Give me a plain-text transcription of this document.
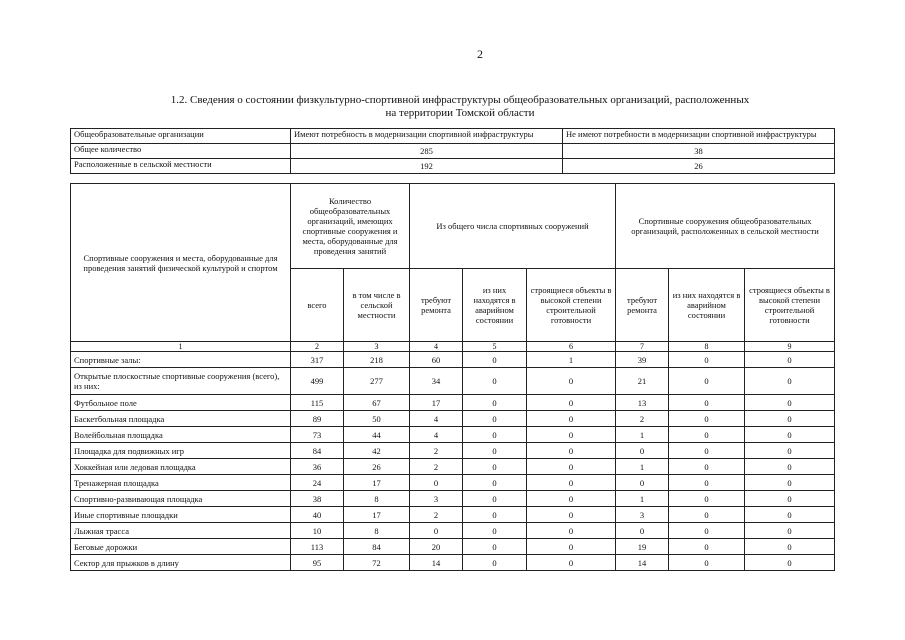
2
1.2. Сведения о состоянии физкультурно-спортивной инфраструктуры общеобразовательных организаций, расположенных
на территории Томской области
Общеобразовательные организации	Имеют потребность в модернизации спортивной инфраструктуры	Не имеют потребности в модернизации спортивной инфраструктуры
Общее количество	285	38
Расположенные в сельской местности	192	26
Спортивные сооружения и места, оборудованные для проведения занятий физической культурой и спортом	Количество общеобразовательных организаций, имеющих спортивные сооружения и места, оборудованные для проведения занятий		Из общего числа спортивных сооружений			Спортивные сооружения общеобразовательных организаций, расположенных в сельской местности		
	всего	в том числе в сельской местности	требуют ремонта	из них находятся в аварийном состоянии	строящиеся объекты в высокой степени строительной готовности	требуют ремонта	из них находятся в аварийном состоянии	строящиеся объекты в высокой степени строительной готовности
1	2	3	4	5	6	7	8	9
Спортивные залы:	317	218	60	0	1	39	0	0
Открытые плоскостные спортивные сооружения (всего), из них:	499	277	34	0	0	21	0	0
Футбольное поле	115	67	17	0	0	13	0	0
Баскетбольная площадка	89	50	4	0	0	2	0	0
Волейбольная площадка	73	44	4	0	0	1	0	0
Площадка для подвижных игр	84	42	2	0	0	0	0	0
Хоккейная или ледовая площадка	36	26	2	0	0	1	0	0
Тренажерная площадка	24	17	0	0	0	0	0	0
Спортивно-развивающая площадка	38	8	3	0	0	1	0	0
Иные спортивные площадки	40	17	2	0	0	3	0	0
Лыжная трасса	10	8	0	0	0	0	0	0
Беговые дорожки	113	84	20	0	0	19	0	0
Сектор для прыжков в длину	95	72	14	0	0	14	0	0
